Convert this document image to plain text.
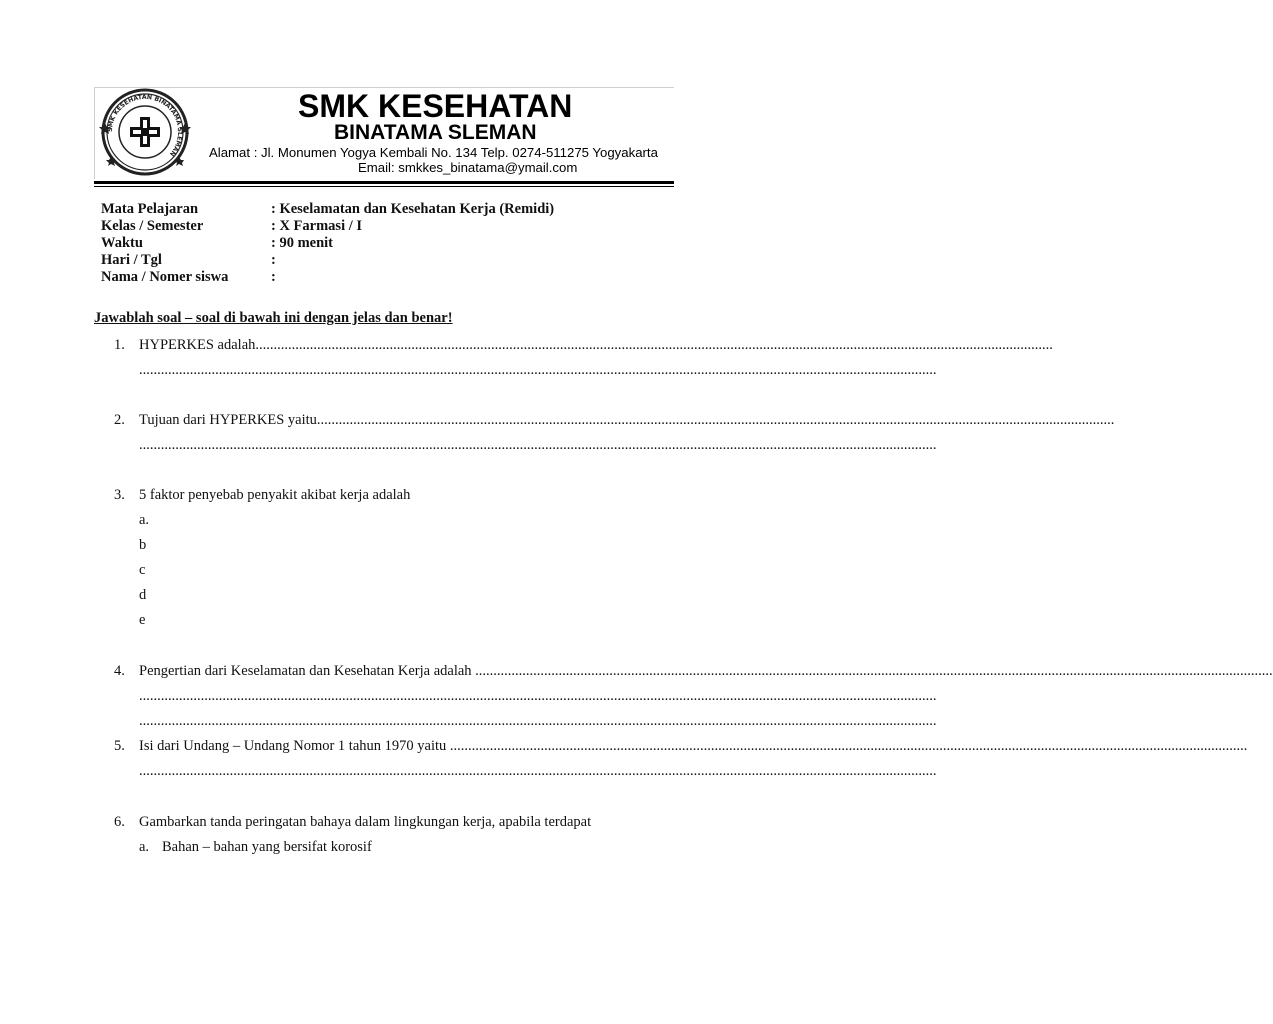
SMK KESEHATAN BINATAMA SLEMAN
SMK KESEHATAN
BINATAMA SLEMAN
Alamat : Jl. Monumen Yogya Kembali No. 134 Telp. 0274-511275 Yogyakarta
Email: smkkes_binatama@ymail.com
Mata Pelajaran	: Keselamatan dan Kesehatan Kerja (Remidi)
Kelas / Semester	: X Farmasi / I
Waktu	: 90 menit
Hari / Tgl	:
Nama / Nomer siswa	:
Jawablah soal – soal di bawah ini dengan jelas dan benar!
1. HYPERKES adalah............................................................................................................................................................................................................................
............................................................................................................................................................................................................................
2. Tujuan dari HYPERKES yaitu............................................................................................................................................................................................................................
............................................................................................................................................................................................................................
3. 5 faktor penyebab penyakit akibat kerja adalah
a.
b
c
d
e
4. Pengertian dari Keselamatan dan Kesehatan Kerja adalah ............................................................................................................................................................................................................................
............................................................................................................................................................................................................................
............................................................................................................................................................................................................................
5. Isi dari Undang – Undang Nomor 1 tahun 1970 yaitu ............................................................................................................................................................................................................................
............................................................................................................................................................................................................................
6. Gambarkan tanda peringatan bahaya dalam lingkungan kerja, apabila terdapat
a. Bahan – bahan yang bersifat korosif
